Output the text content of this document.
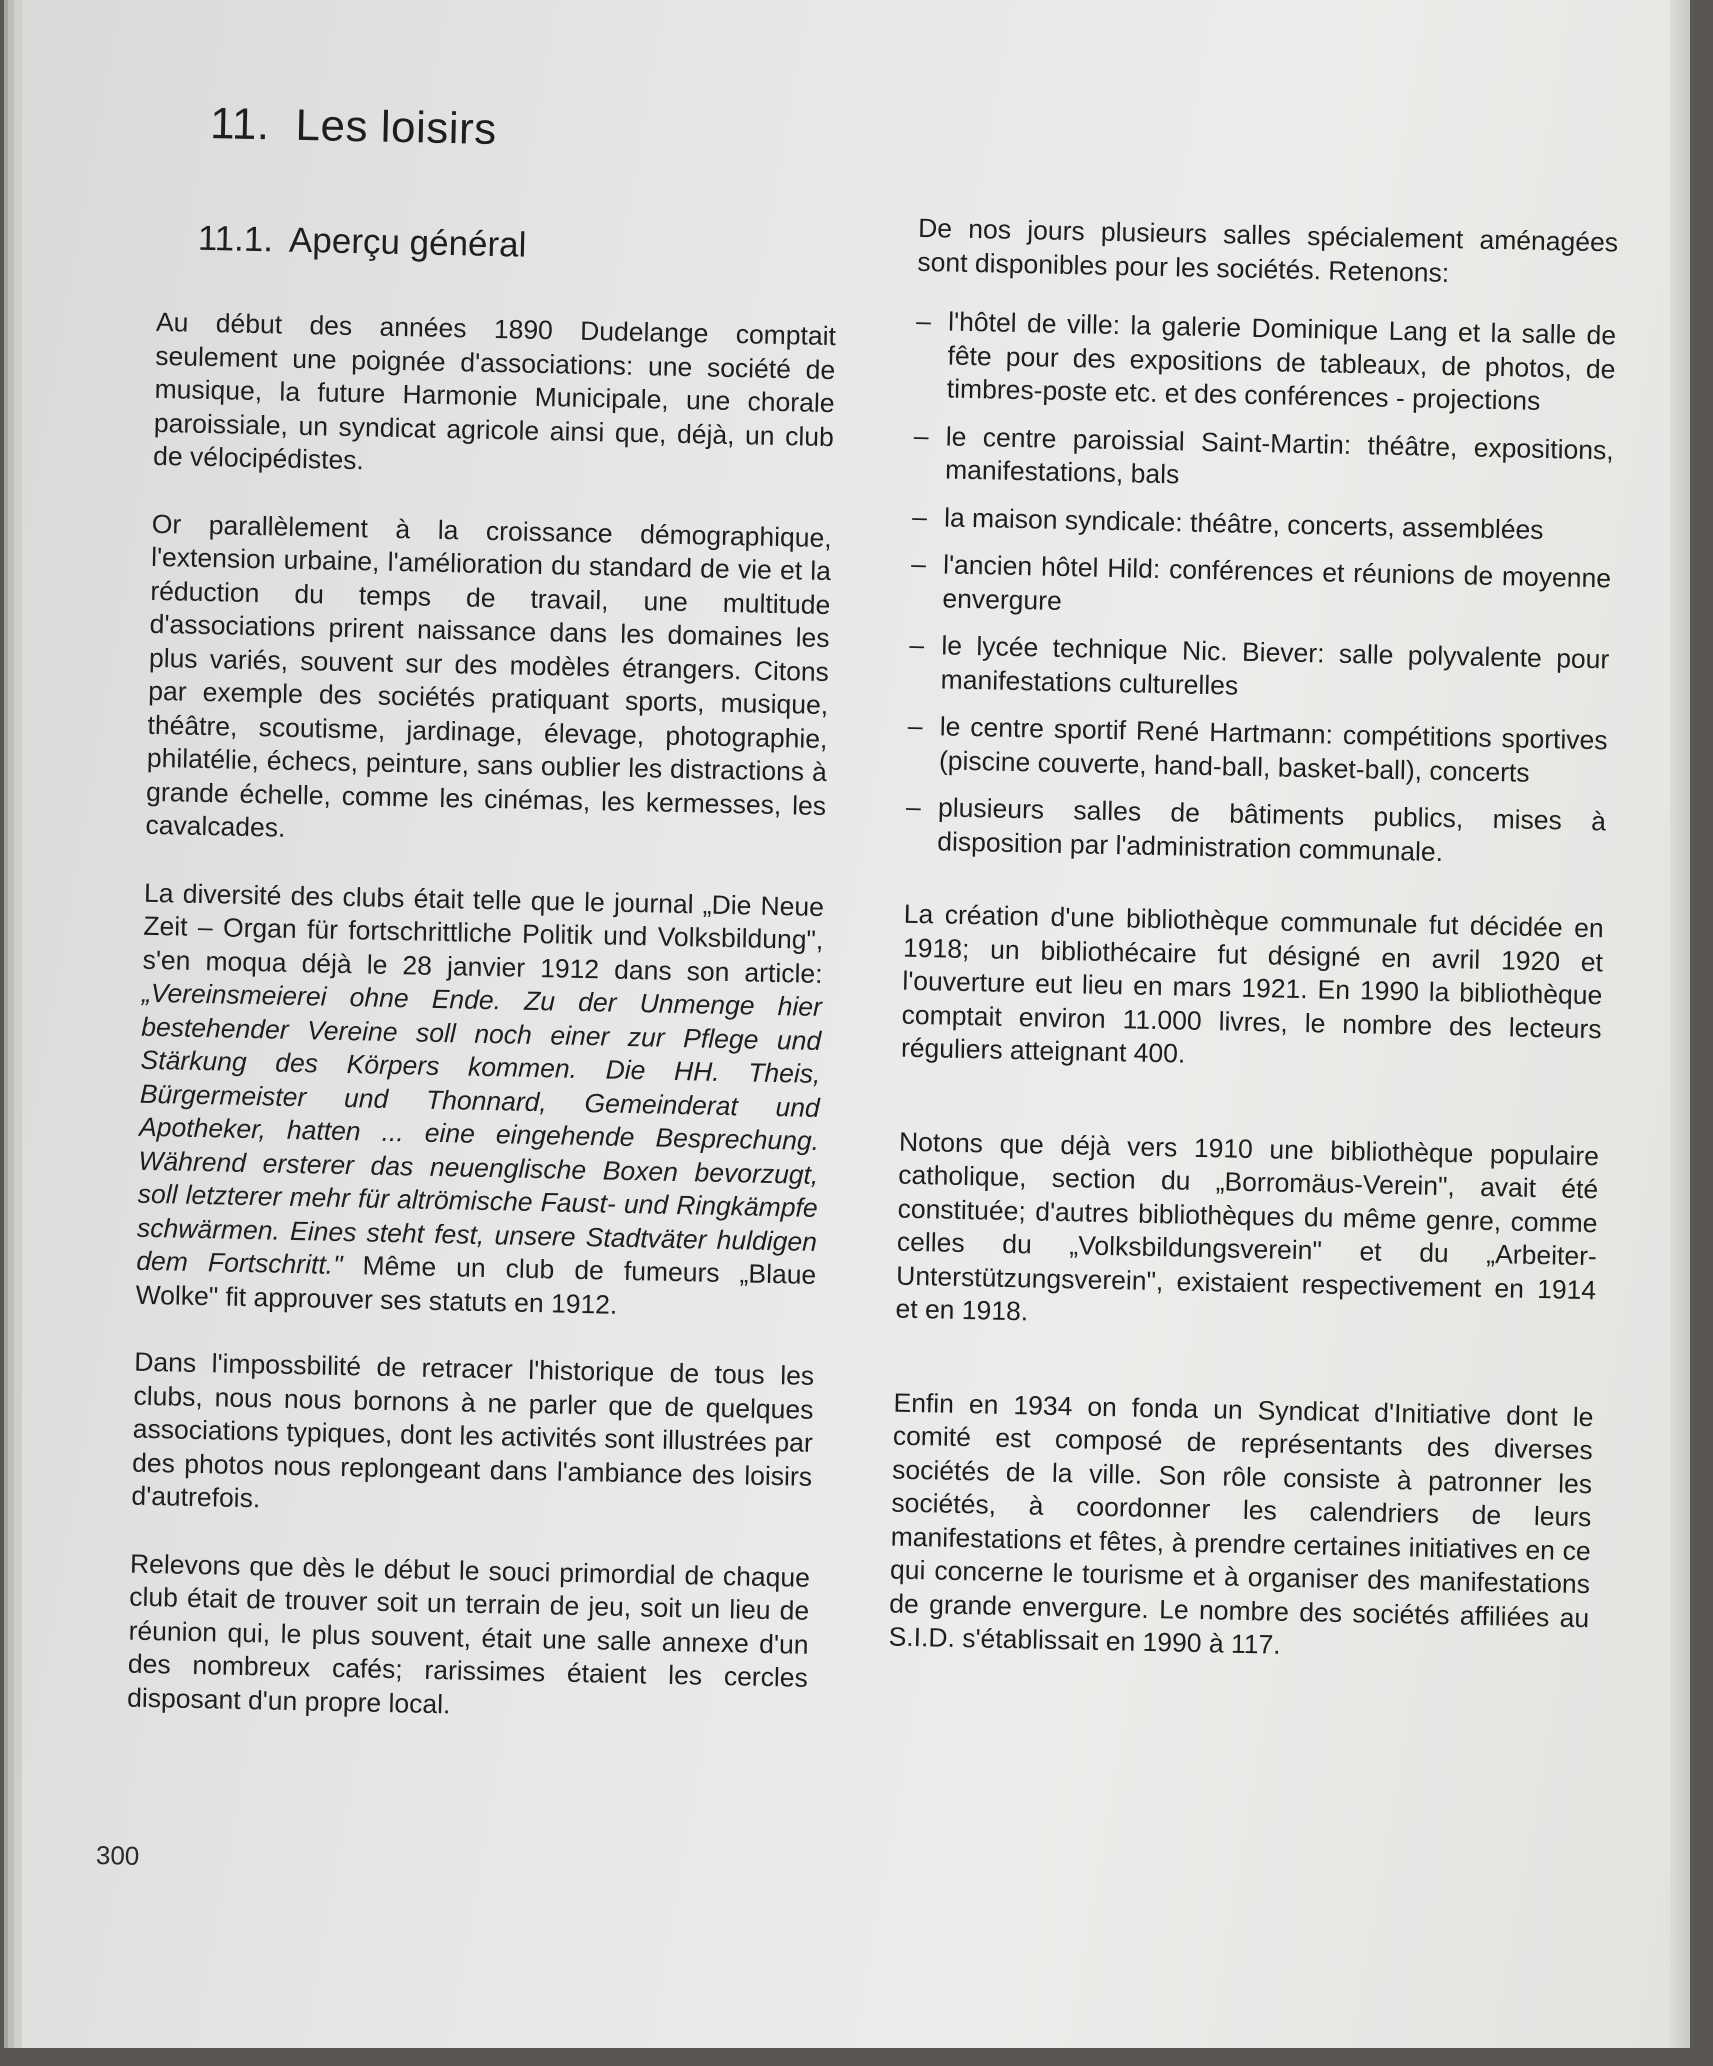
11. Les loisirs
11.1. Aperçu général

Au début des années 1890 Dudelange comptait seulement une poignée d'associations: une société de musique, la future Harmonie Municipale, une chorale paroissiale, un syndicat agricole ainsi que, déjà, un club de vélocipédistes.

Or parallèlement à la croissance démographique, l'extension urbaine, l'amélioration du standard de vie et la réduction du temps de travail, une multitude d'associations prirent naissance dans les domaines les plus variés, souvent sur des modèles étrangers. Citons par exemple des sociétés pratiquant sports, musique, théâtre, scoutisme, jardinage, élevage, photographie, philatélie, échecs, peinture, sans oublier les distractions à grande échelle, comme les cinémas, les kermesses, les cavalcades.

La diversité des clubs était telle que le journal „Die Neue Zeit – Organ für fortschrittliche Politik und Volksbildung", s'en moqua déjà le 28 janvier 1912 dans son article: „Vereinsmeierei ohne Ende. Zu der Unmenge hier bestehender Vereine soll noch einer zur Pflege und Stärkung des Körpers kommen. Die HH. Theis, Bürgermeister und Thonnard, Gemeinderat und Apotheker, hatten ... eine eingehende Besprechung. Während ersterer das neuenglische Boxen bevorzugt, soll letzterer mehr für altrömische Faust- und Ringkämpfe schwärmen. Eines steht fest, unsere Stadtväter huldigen dem Fortschritt." Même un club de fumeurs „Blaue Wolke" fit approuver ses statuts en 1912.

Dans l'impossbilité de retracer l'historique de tous les clubs, nous nous bornons à ne parler que de quelques associations typiques, dont les activités sont illustrées par des photos nous replongeant dans l'ambiance des loisirs d'autrefois.

Relevons que dès le début le souci primordial de chaque club était de trouver soit un terrain de jeu, soit un lieu de réunion qui, le plus souvent, était une salle annexe d'un des nombreux cafés; rarissimes étaient les cercles disposant d'un propre local.

De nos jours plusieurs salles spécialement aménagées sont disponibles pour les sociétés. Retenons:

– l'hôtel de ville: la galerie Dominique Lang et la salle de fête pour des expositions de tableaux, de photos, de timbres-poste etc. et des conférences - projections
– le centre paroissial Saint-Martin: théâtre, expositions, manifestations, bals
– la maison syndicale: théâtre, concerts, assemblées
– l'ancien hôtel Hild: conférences et réunions de moyenne envergure
– le lycée technique Nic. Biever: salle polyvalente pour manifestations culturelles
– le centre sportif René Hartmann: compétitions sportives (piscine couverte, hand-ball, basket-ball), concerts
– plusieurs salles de bâtiments publics, mises à disposition par l'administration communale.

La création d'une bibliothèque communale fut décidée en 1918; un bibliothécaire fut désigné en avril 1920 et l'ouverture eut lieu en mars 1921. En 1990 la bibliothèque comptait environ 11.000 livres, le nombre des lecteurs réguliers atteignant 400.

Notons que déjà vers 1910 une bibliothèque populaire catholique, section du „Borromäus-Verein", avait été constituée; d'autres bibliothèques du même genre, comme celles du „Volksbildungsverein" et du „Arbeiter-Unterstützungsverein", existaient respectivement en 1914 et en 1918.

Enfin en 1934 on fonda un Syndicat d'Initiative dont le comité est composé de représentants des diverses sociétés de la ville. Son rôle consiste à patronner les sociétés, à coordonner les calendriers de leurs manifestations et fêtes, à prendre certaines initiatives en ce qui concerne le tourisme et à organiser des manifestations de grande envergure. Le nombre des sociétés affiliées au S.I.D. s'établissait en 1990 à 117.

300
